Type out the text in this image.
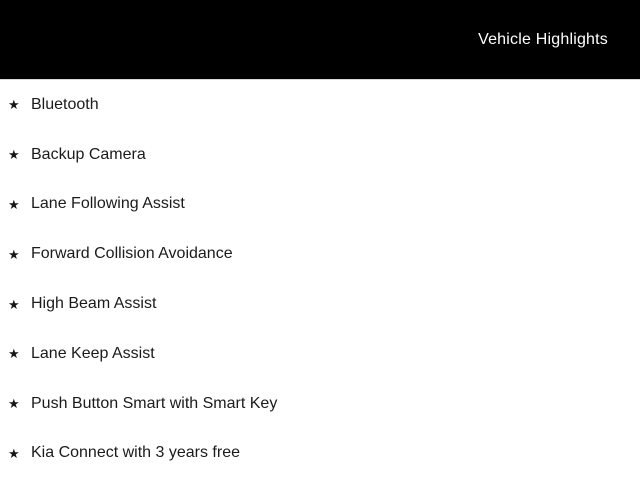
Vehicle Highlights
★ Bluetooth
★ Backup Camera
★ Lane Following Assist
★ Forward Collision Avoidance
★ High Beam Assist
★ Lane Keep Assist
★ Push Button Smart with Smart Key
★ Kia Connect with 3 years free
